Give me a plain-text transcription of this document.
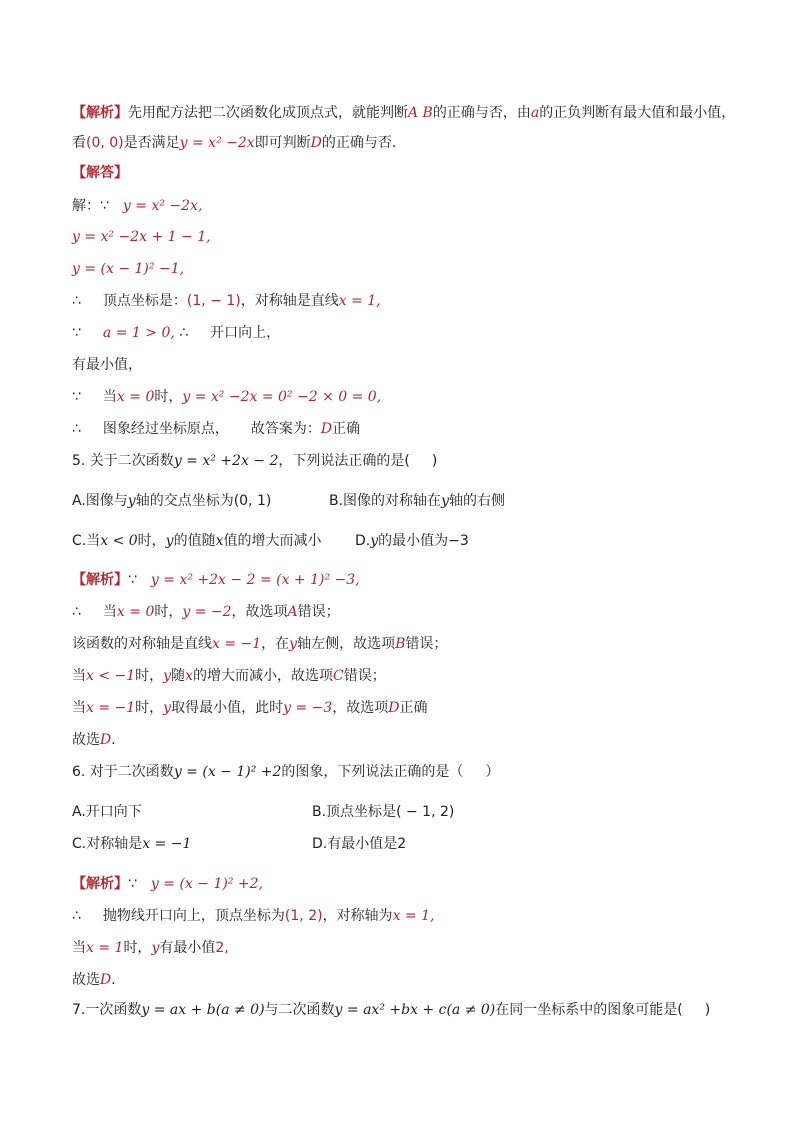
【解析】先用配方法把二次函数化成顶点式，就能判断A B的正确与否，由a的正负判断有最大值和最小值，
看(0, 0)是否满足y = x² −2x即可判断D的正确与否．
【解答】
解：∵ y = x² −2x,
y = x² −2x + 1 − 1,
y = (x − 1)² −1,
∴ 顶点坐标是：(1, − 1)，对称轴是直线x = 1,
∵ a = 1 > 0, ∴ 开口向上，
有最小值，
∵ 当x = 0时，y = x² −2x = 0² −2 × 0 = 0,
∴ 图象经过坐标原点， 故答案为：D正确
5. 关于二次函数y = x² +2x − 2，下列说法正确的是( )
A.图像与y轴的交点坐标为(0, 1)	B.图像的对称轴在y轴的右侧
C.当x < 0时，y的值随x值的增大而减小 D.y的最小值为−3
【解析】∵ y = x² +2x − 2 = (x + 1)² −3,
∴ 当x = 0时，y = −2，故选项A错误；
该函数的对称轴是直线x = −1，在y轴左侧，故选项B错误；
当x < −1时，y随x的增大而减小，故选项C错误；
当x = −1时，y取得最小值，此时y = −3，故选项D正确
故选D．
6. 对于二次函数y = (x − 1)² +2的图象，下列说法正确的是（ ）
A.开口向下	B.顶点坐标是( − 1, 2)
C.对称轴是x = −1	D.有最小值是2
【解析】∵ y = (x − 1)² +2,
∴ 抛物线开口向上，顶点坐标为(1, 2)，对称轴为x = 1,
当x = 1时，y有最小值2,
故选D．
7.一次函数y = ax + b(a ≠ 0)与二次函数y = ax² +bx + c(a ≠ 0)在同一坐标系中的图象可能是( )
